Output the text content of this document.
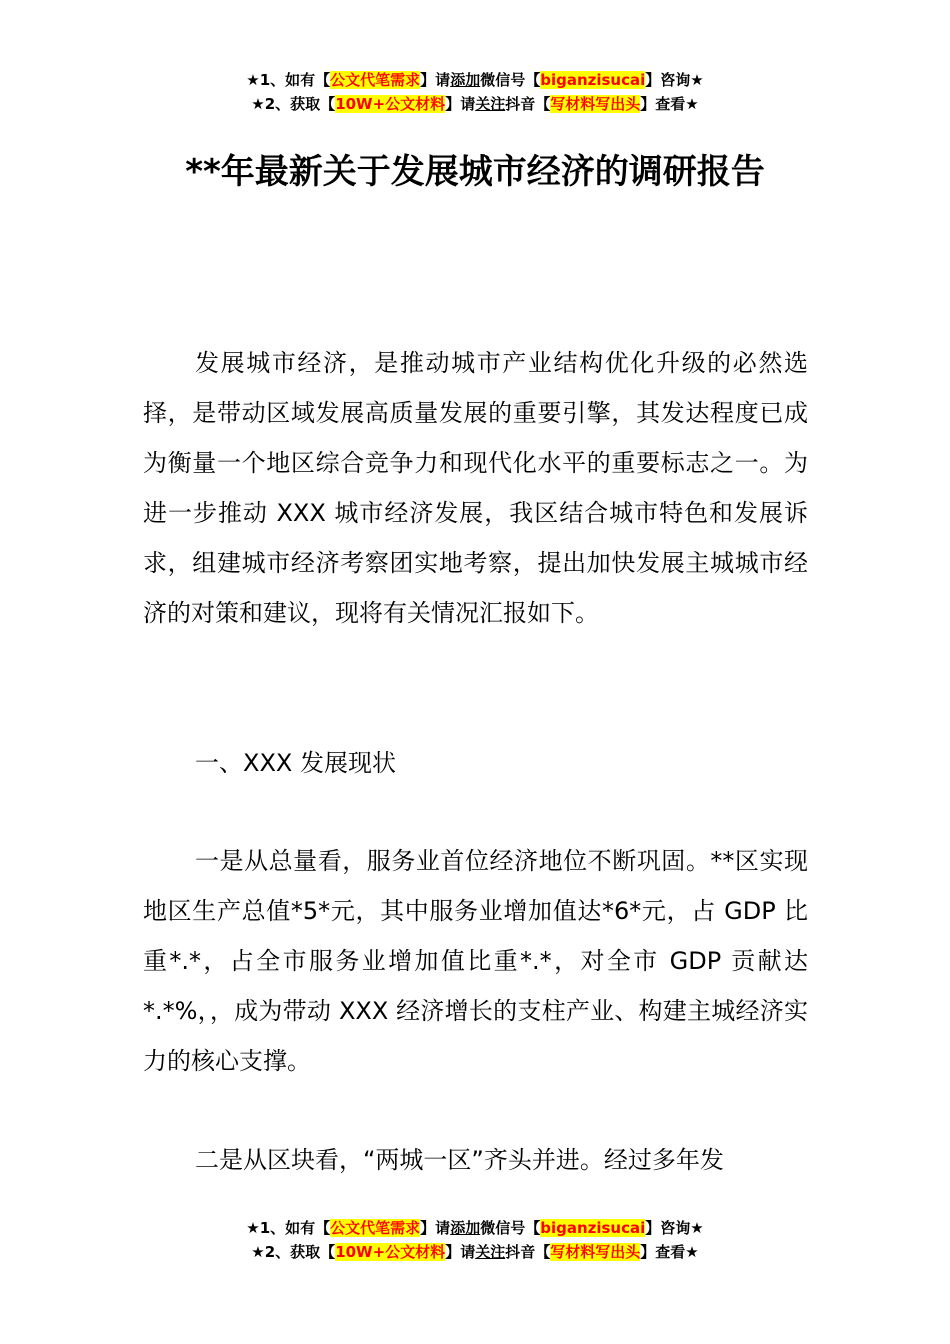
★1、如有【公文代笔需求】请添加微信号【biganzisucai】咨询★
★2、获取【10W+公文材料】请关注抖音【写材料写出头】查看★
**年最新关于发展城市经济的调研报告

发展城市经济，是推动城市产业结构优化升级的必然选择，是带动区域发展高质量发展的重要引擎，其发达程度已成为衡量一个地区综合竞争力和现代化水平的重要标志之一。为进一步推动 XXX 城市经济发展，我区结合城市特色和发展诉求，组建城市经济考察团实地考察，提出加快发展主城城市经济的对策和建议，现将有关情况汇报如下。

一、XXX 发展现状

一是从总量看，服务业首位经济地位不断巩固。**区实现地区生产总值*5*元，其中服务业增加值达*6*元，占 GDP 比重*.*，占全市服务业增加值比重*.*，对全市 GDP 贡献达*.*%，，成为带动 XXX 经济增长的支柱产业、构建主城经济实力的核心支撑。

二是从区块看，“两城一区”齐头并进。经过多年发

★1、如有【公文代笔需求】请添加微信号【biganzisucai】咨询★
★2、获取【10W+公文材料】请关注抖音【写材料写出头】查看★
